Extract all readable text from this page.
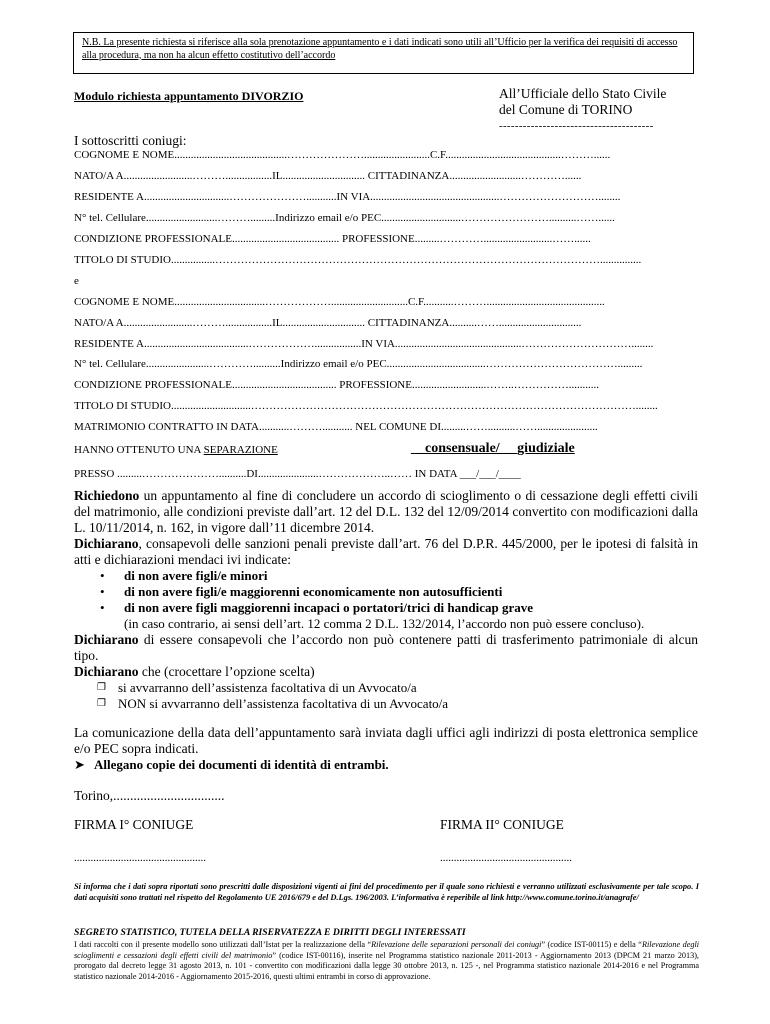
N.B. La presente richiesta si riferisce alla sola prenotazione appuntamento e i dati indicati sono utili all’Ufficio per la verifica dei requisiti di accesso alla procedura, ma non ha alcun effetto costitutivo dell’accordo
Modulo richiesta appuntamento DIVORZIO	All’Ufficiale dello Stato Civile
del Comune di TORINO
---------------------------------------
I sottoscritti coniugi:
COGNOME E NOME.........................................…………………........................C.F..........................................………......
NATO/A A.........................……….................IL.............................. CITTADINANZA..........................…………......
RESIDENTE A...............................…………………...........IN VIA...............................................………………………........
N° tel. Cellulare..........................……….........Indirizzo email e/o PEC.............................……………………..........……......
CONDIZIONE PROFESSIONALE....................................... PROFESSIONE.........………….........................……......
TITOLO DI STUDIO................……………………………………………………………………………………………...............
e
COGNOME E NOME.................................………………............................C.F...........………...........................................
NATO/A A.........................……….................IL.............................. CITTADINANZA..........……..............................
RESIDENTE A......................................……………….................IN VIA..............................................…………………………........
N° tel. Cellulare.......................…………..........Indirizzo email e/o PEC....................................……………………………….........
CONDIZIONE PROFESSIONALE...................................... PROFESSIONE...........................……..……………...........
TITOLO DI STUDIO.............................……………………………………………………………………………………………........
MATRIMONIO CONTRATTO IN DATA...........………........... NEL COMUNE DI.........……..........……......................
HANNO OTTENUTO UNA SEPARAZIONE	__consensuale/ __giudiziale
PRESSO .........…………………..........DI......................………………..…… IN DATA ___/___/____
Richiedono un appuntamento al fine di concludere un accordo di scioglimento o di cessazione degli effetti civili del matrimonio, alle condizioni previste dall’art. 12 del D.L. 132 del 12/09/2014 convertito con modificazioni dalla L. 10/11/2014, n. 162, in vigore dall’11 dicembre 2014.
Dichiarano, consapevoli delle sanzioni penali previste dall’art. 76 del D.P.R. 445/2000, per le ipotesi di falsità in atti e dichiarazioni mendaci ivi indicate:
• di non avere figli/e minori
• di non avere figli/e maggiorenni economicamente non autosufficienti
• di non avere figli maggiorenni incapaci o portatori/trici di handicap grave
(in caso contrario, ai sensi dell’art. 12 comma 2 D.L. 132/2014, l’accordo non può essere concluso).
Dichiarano di essere consapevoli che l’accordo non può contenere patti di trasferimento patrimoniale di alcun tipo.
Dichiarano che (crocettare l’opzione scelta)
❐ si avvarranno dell’assistenza facoltativa di un Avvocato/a
❐ NON si avvarranno dell’assistenza facoltativa di un Avvocato/a
La comunicazione della data dell’appuntamento sarà inviata dagli uffici agli indirizzi di posta elettronica semplice e/o PEC sopra indicati.
➤ Allegano copie dei documenti di identità di entrambi.
Torino,.................................
FIRMA I° CONIUGE	FIRMA II° CONIUGE
................................................	................................................
Si informa che i dati sopra riportati sono prescritti dalle disposizioni vigenti ai fini del procedimento per il quale sono richiesti e verranno utilizzati esclusivamente per tale scopo. I dati acquisiti sono trattati nel rispetto del Regolamento UE 2016/679 e del D.Lgs. 196/2003. L’informativa è reperibile al link http://www.comune.torino.it/anagrafe/
SEGRETO STATISTICO, TUTELA DELLA RISERVATEZZA E DIRITTI DEGLI INTERESSATI
I dati raccolti con il presente modello sono utilizzati dall’Istat per la realizzazione della “Rilevazione delle separazioni personali dei coniugi” (codice IST-00115) e della “Rilevazione degli scioglimenti e cessazioni degli effetti civili del matrimonio” (codice IST-00116), inserite nel Programma statistico nazionale 2011-2013 - Aggiornamento 2013 (DPCM 21 marzo 2013), prorogato dal decreto legge 31 agosto 2013, n. 101 - convertito con modificazioni dalla legge 30 ottobre 2013, n. 125 -, nel Programma statistico nazionale 2014-2016 e nel Programma statistico nazionale 2014-2016 - Aggiornamento 2015-2016, questi ultimi entrambi in corso di approvazione.
